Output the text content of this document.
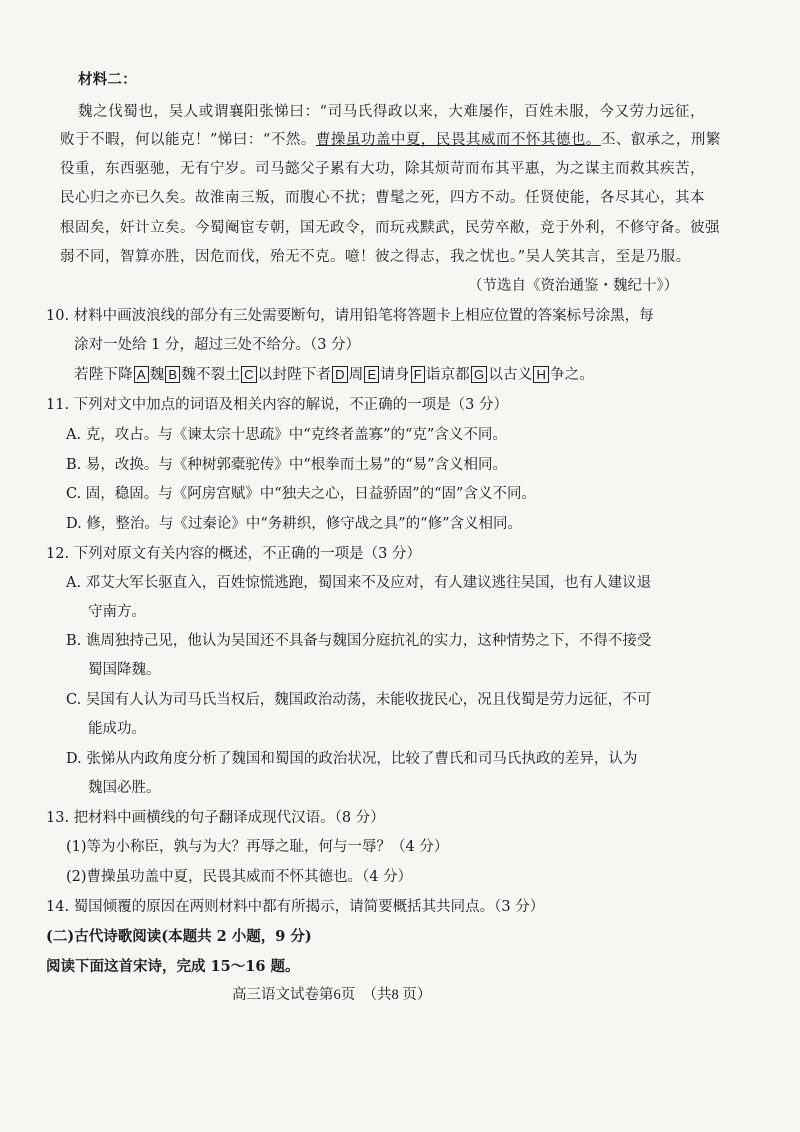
材料二：
魏之伐蜀也，吴人或谓襄阳张悌曰：“司马氏得政以来，大难屡作，百姓未服，今又劳力远征，
败于不暇，何以能克！”悌曰：“不然。曹操虽功盖中夏，民畏其威而不怀其德也。丕、叡承之，刑繁
役重，东西驱驰，无有宁岁。司马懿父子累有大功，除其烦苛而布其平惠，为之谋主而救其疾苦，
民心归之亦已久矣。故淮南三叛，而腹心不扰；曹髦之死，四方不动。任贤使能，各尽其心，其本
根固矣，奸计立矣。今蜀阉宦专朝，国无政令，而玩戎黩武，民劳卒敝，竞于外利，不修守备。彼强
弱不同，智算亦胜，因危而伐，殆无不克。噫！彼之得志，我之忧也。”吴人笑其言，至是乃服。
（节选自《资治通鉴・魏纪十》）
10. 材料中画波浪线的部分有三处需要断句，请用铅笔将答题卡上相应位置的答案标号涂黑，每
涂对一处给 1 分，超过三处不给分。（3 分）
若陛下降 A 魏 B 魏不裂土 C 以封陛下者 D 周 E 请身 F 诣京都 G 以古义 H 争之。
11. 下列对文中加点的词语及相关内容的解说，不正确的一项是（3 分）
A. 克，攻占。与《谏太宗十思疏》中“克终者盖寡”的“克”含义不同。
B. 易，改换。与《种树郭橐驼传》中“根拳而土易”的“易”含义相同。
C. 固，稳固。与《阿房宫赋》中“独夫之心，日益骄固”的“固”含义不同。
D. 修，整治。与《过秦论》中“务耕织，修守战之具”的“修”含义相同。
12. 下列对原文有关内容的概述，不正确的一项是（3 分）
A. 邓艾大军长驱直入，百姓惊慌逃跑，蜀国来不及应对，有人建议逃往吴国，也有人建议退
守南方。
B. 谯周独持己见，他认为吴国还不具备与魏国分庭抗礼的实力，这种情势之下，不得不接受
蜀国降魏。
C. 吴国有人认为司马氏当权后，魏国政治动荡，未能收拢民心，况且伐蜀是劳力远征，不可
能成功。
D. 张悌从内政角度分析了魏国和蜀国的政治状况，比较了曹氏和司马氏执政的差异，认为
魏国必胜。
13. 把材料中画横线的句子翻译成现代汉语。（8 分）
(1)等为小称臣，孰与为大？再辱之耻，何与一辱？（4 分）
(2)曹操虽功盖中夏，民畏其威而不怀其德也。（4 分）
14. 蜀国倾覆的原因在两则材料中都有所揭示，请简要概括其共同点。（3 分）
(二)古代诗歌阅读(本题共 2 小题，9 分)
阅读下面这首宋诗，完成 15～16 题。
高三语文试卷第6页　（共8 页）
